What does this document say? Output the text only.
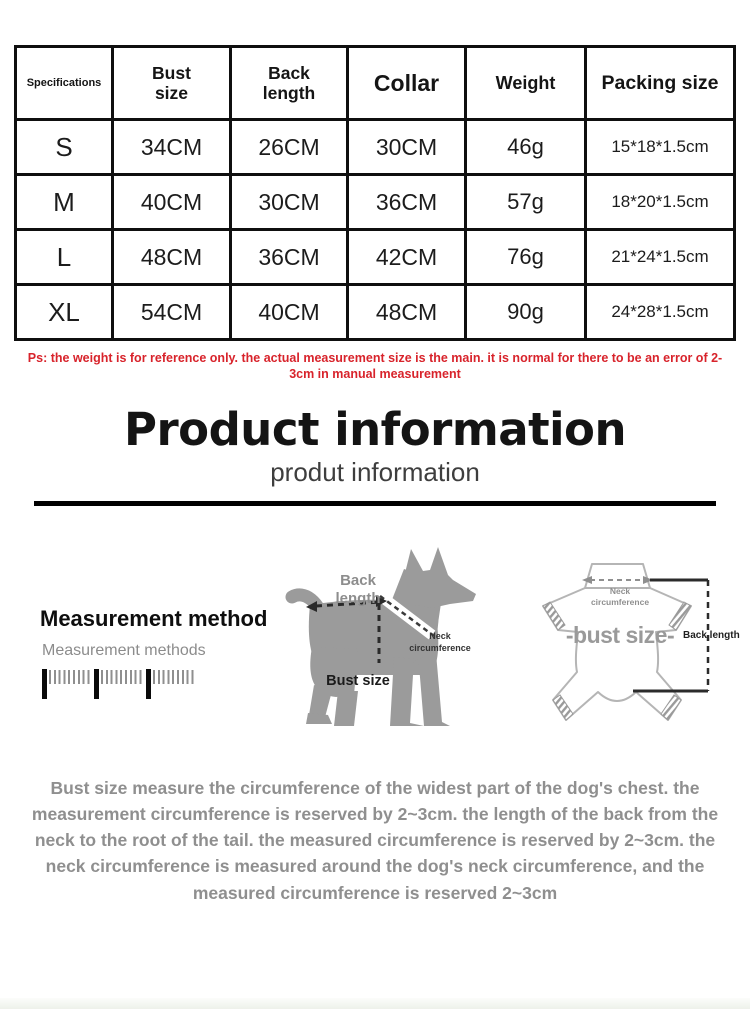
Specifications	Bust size	Back length	Collar	Weight	Packing size
S	34CM	26CM	30CM	46g	15*18*1.5cm
M	40CM	30CM	36CM	57g	18*20*1.5cm
L	48CM	36CM	42CM	76g	21*24*1.5cm
XL	54CM	40CM	48CM	90g	24*28*1.5cm
Ps: the weight is for reference only. the actual measurement size is the main. it is normal for there to be an error of 2-3cm in manual measurement
Product information
produt information
Measurement method
Measurement methods
Back length
Neck circumference
Bust size
Neck circumference
-bust size- Back length
Bust size measure the circumference of the widest part of the dog's chest. the measurement circumference is reserved by 2~3cm. the length of the back from the neck to the root of the tail. the measured circumference is reserved by 2~3cm. the neck circumference is measured around the dog's neck circumference, and the measured circumference is reserved 2~3cm
